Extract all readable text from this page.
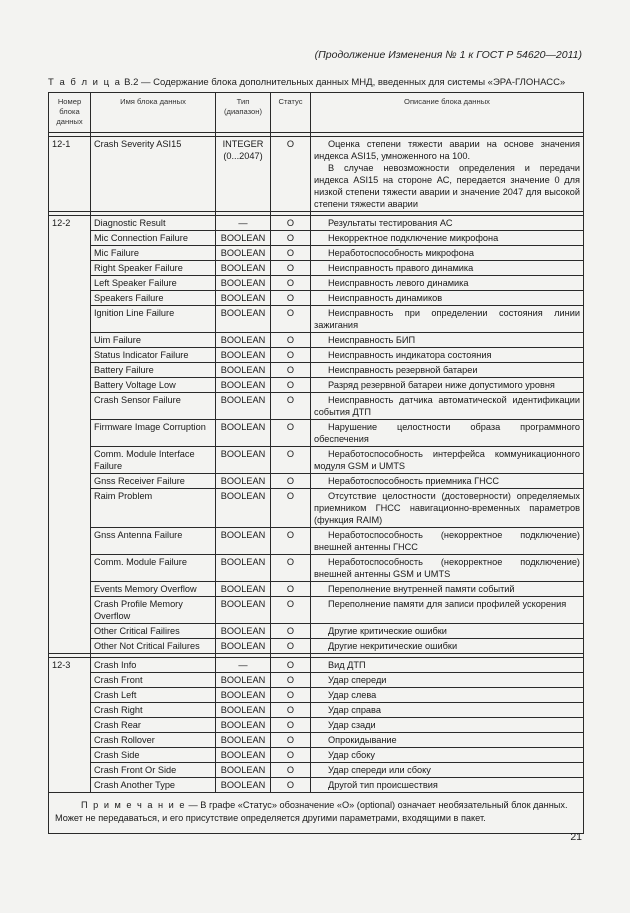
(Продолжение Изменения № 1 к ГОСТ Р 54620—2011)
Т а б л и ц а В.2 — Содержание блока дополнительных данных МНД, введенных для системы «ЭРА-ГЛОНАСС»
Номер блока данных	Имя блока данных	Тип (диапазон)	Статус	Описание блока данных

12-1	Crash Severity ASI15	INTEGER (0...2047)	O	Оценка степени тяжести аварии на основе значения индекса ASI15, умноженного на 100.
В случае невозможности определения и передачи индекса ASI15 на стороне АС, передается значение 0 для низкой степени тяжести аварии и значение 2047 для высокой степени тяжести аварии

12-2	Diagnostic Result	—	O	Результаты тестирования АС

	Mic Connection Failure	BOOLEAN	O	Некорректное подключение микрофона

	Mic Failure	BOOLEAN	O	Неработоспособность микрофона

	Right Speaker Failure	BOOLEAN	O	Неисправность правого динамика

	Left Speaker Failure	BOOLEAN	O	Неисправность левого динамика

	Speakers Failure	BOOLEAN	O	Неисправность динамиков

	Ignition Line Failure	BOOLEAN	O	Неисправность при определении состояния линии зажигания

	Uim Failure	BOOLEAN	O	Неисправность БИП

	Status Indicator Failure	BOOLEAN	O	Неисправность индикатора состояния

	Battery Failure	BOOLEAN	O	Неисправность резервной батареи

	Battery Voltage Low	BOOLEAN	O	Разряд резервной батареи ниже допустимого уровня

	Crash Sensor Failure	BOOLEAN	O	Неисправность датчика автоматической идентификации события ДТП

	Firmware Image Corruption	BOOLEAN	O	Нарушение целостности образа программного обеспечения

	Comm. Module Interface Failure	BOOLEAN	O	Неработоспособность интерфейса коммуникационного модуля GSM и UMTS

	Gnss Receiver Failure	BOOLEAN	O	Неработоспособность приемника ГНСС

	Raim Problem	BOOLEAN	O	Отсутствие целостности (достоверности) определяемых приемником ГНСС навигационно-временных параметров (функция RAIM)

	Gnss Antenna Failure	BOOLEAN	O	Неработоспособность (некорректное подключение) внешней антенны ГНСС

	Comm. Module Failure	BOOLEAN	O	Неработоспособность (некорректное подключение) внешней антенны GSM и UMTS

	Events Memory Overflow	BOOLEAN	O	Переполнение внутренней памяти событий

	Crash Profile Memory Overflow	BOOLEAN	O	Переполнение памяти для записи профилей ускорения

	Other Critical Failires	BOOLEAN	O	Другие критические ошибки

	Other Not Critical Failures	BOOLEAN	O	Другие некритические ошибки

12-3	Crash Info	—	O	Вид ДТП

	Crash Front	BOOLEAN	O	Удар спереди

	Crash Left	BOOLEAN	O	Удар слева

	Crash Right	BOOLEAN	O	Удар справа

	Crash Rear	BOOLEAN	O	Удар сзади

	Crash Rollover	BOOLEAN	O	Опрокидывание

	Crash Side	BOOLEAN	O	Удар сбоку

	Crash Front Or Side	BOOLEAN	O	Удар спереди или сбоку

	Crash Another Type	BOOLEAN	O	Другой тип происшествия

П р и м е ч а н и е — В графе «Статус» обозначение «О» (optional) означает необязательный блок данных. Может не передаваться, и его присутствие определяется другими параметрами, входящими в пакет.				
21
